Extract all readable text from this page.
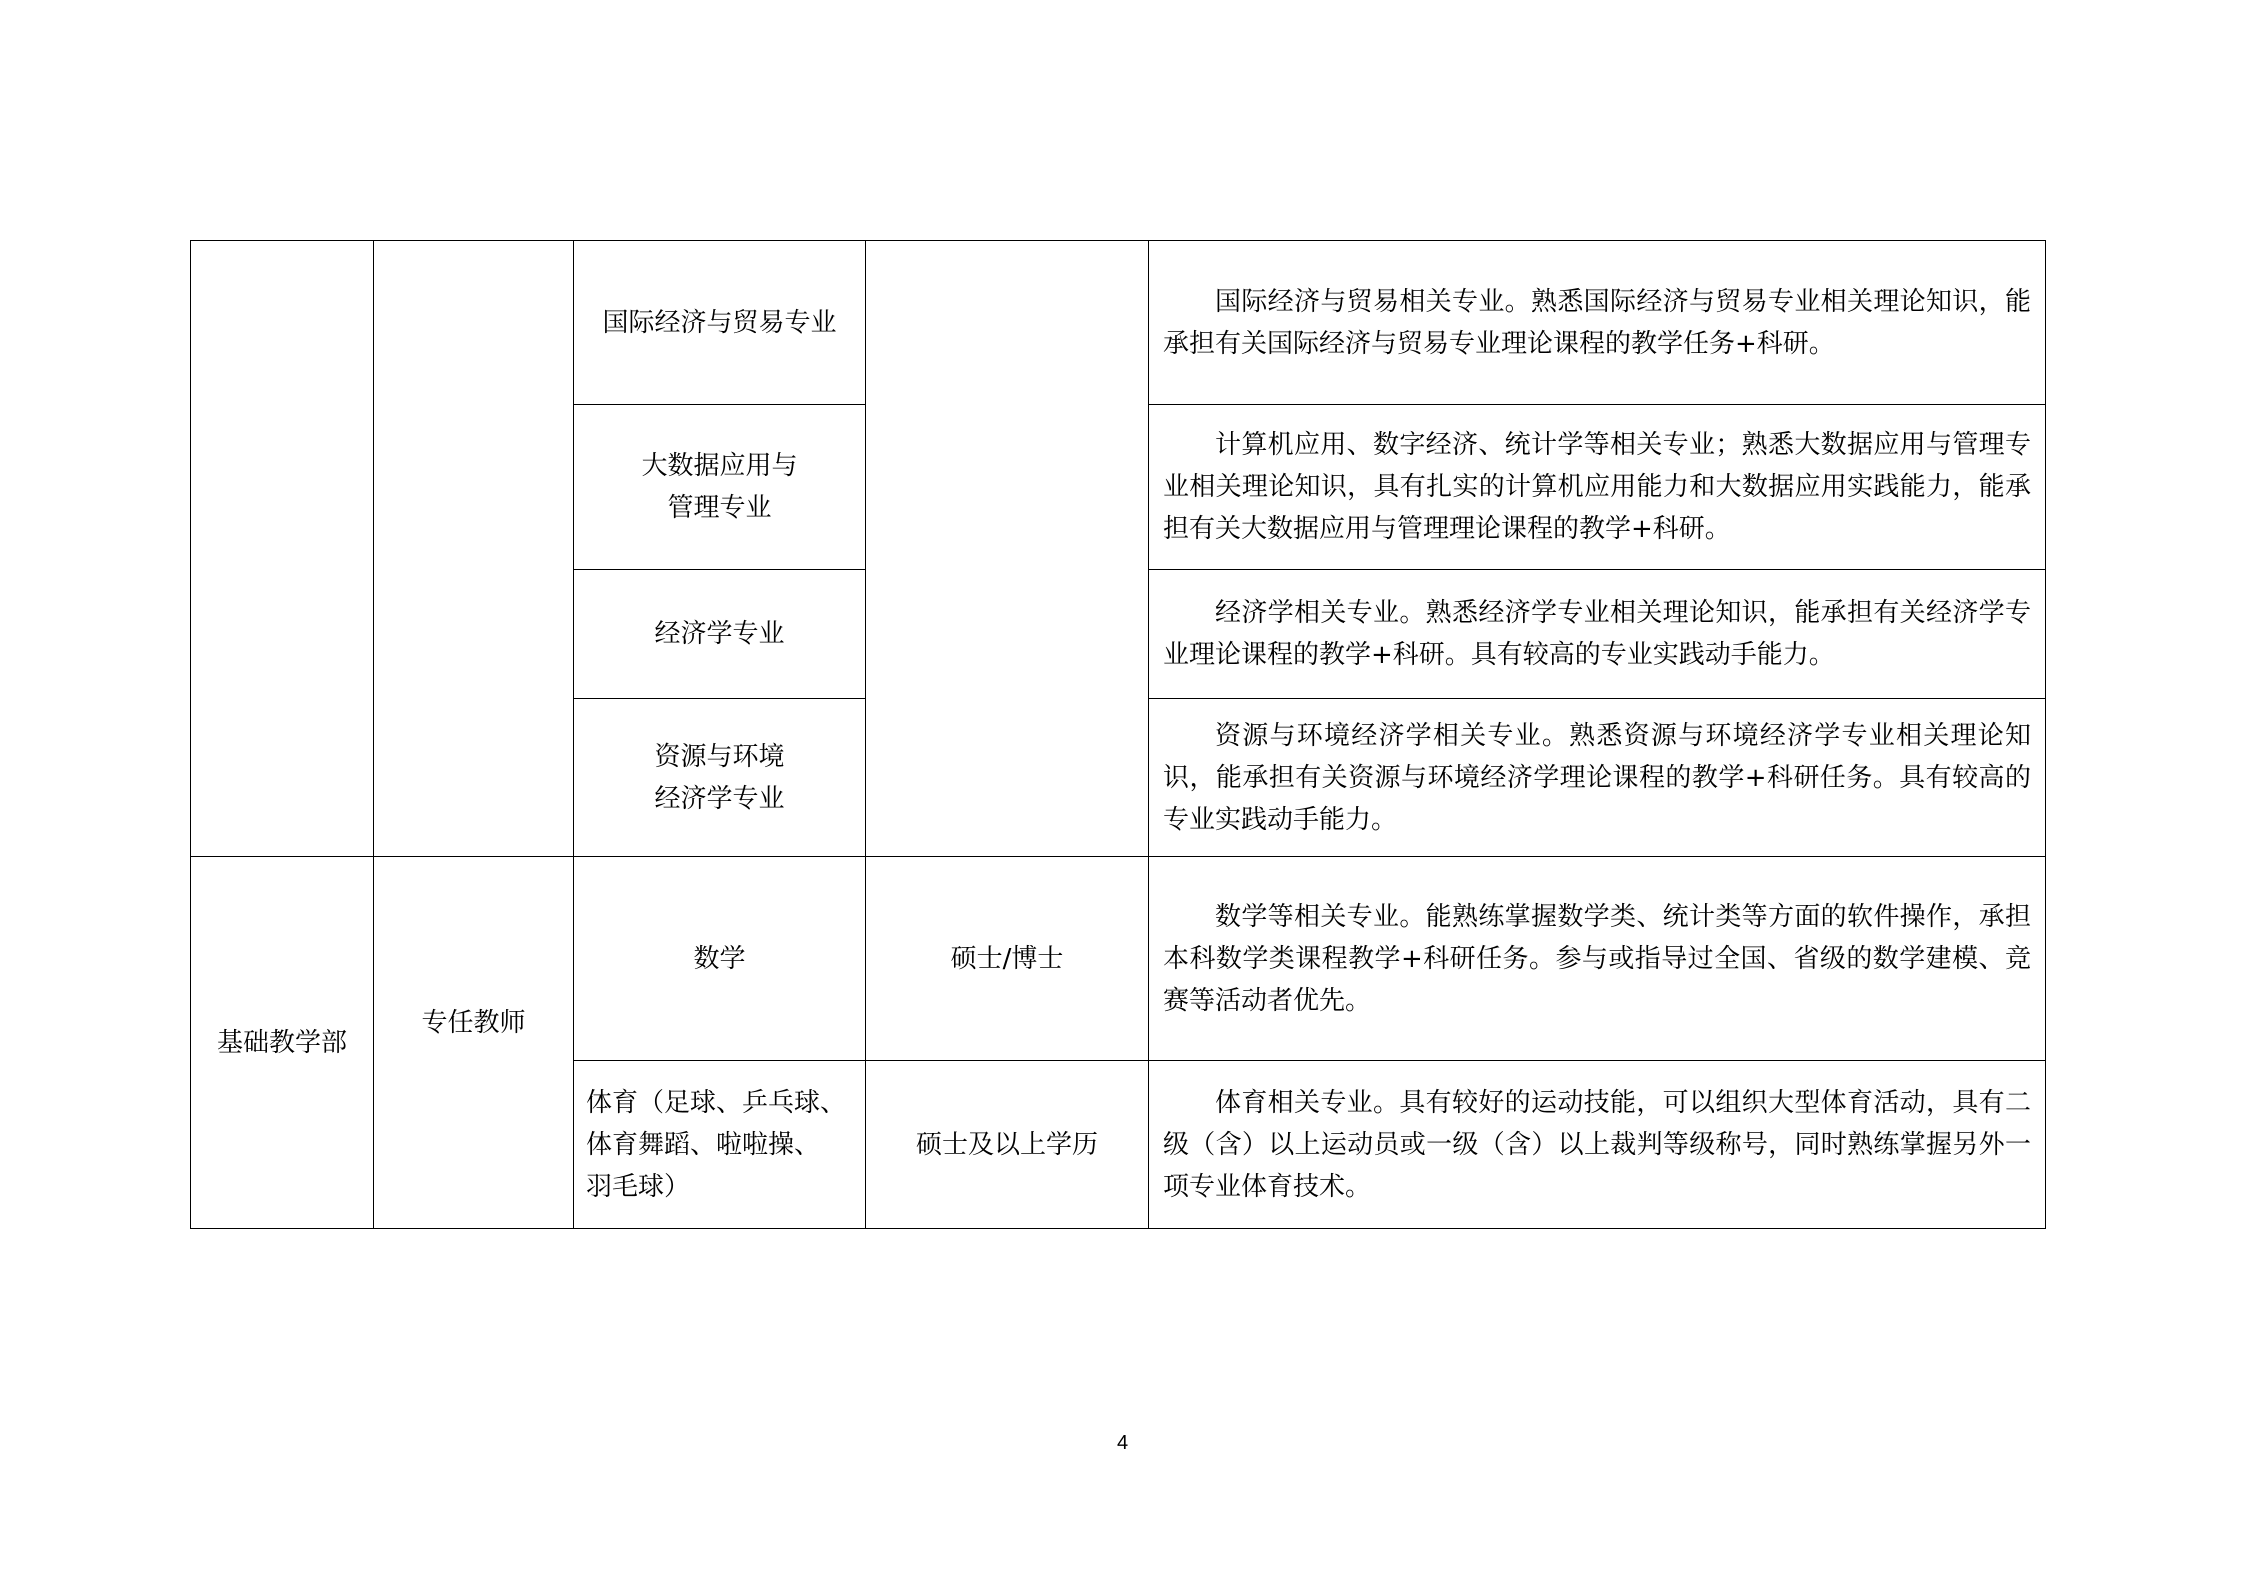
		国际经济与贸易专业		国际经济与贸易相关专业。熟悉国际经济与贸易专业相关理论知识，能承担有关国际经济与贸易专业理论课程的教学任务+科研。

		大数据应用与
管理专业		计算机应用、数字经济、统计学等相关专业；熟悉大数据应用与管理专业相关理论知识，具有扎实的计算机应用能力和大数据应用实践能力，能承担有关大数据应用与管理理论课程的教学+科研。

		经济学专业		经济学相关专业。熟悉经济学专业相关理论知识，能承担有关经济学专业理论课程的教学+科研。具有较高的专业实践动手能力。

		资源与环境
经济学专业		资源与环境经济学相关专业。熟悉资源与环境经济学专业相关理论知识，能承担有关资源与环境经济学理论课程的教学+科研任务。具有较高的专业实践动手能力。

基础教学部	专任教师	数学	硕士/博士	数学等相关专业。能熟练掌握数学类、统计类等方面的软件操作，承担本科数学类课程教学+科研任务。参与或指导过全国、省级的数学建模、竞赛等活动者优先。

		体育（足球、乒乓球、
体育舞蹈、啦啦操、
羽毛球）	硕士及以上学历	体育相关专业。具有较好的运动技能，可以组织大型体育活动，具有二级（含）以上运动员或一级（含）以上裁判等级称号，同时熟练掌握另外一项专业体育技术。

4
